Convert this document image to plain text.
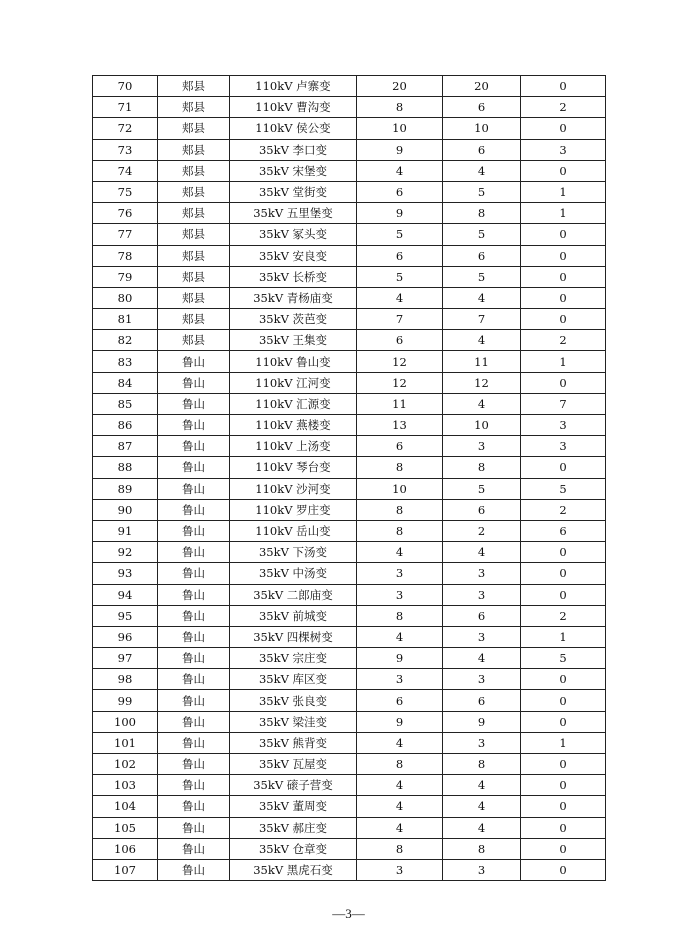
70	郏县	110kV 卢寨变	20	20	0
71	郏县	110kV 曹沟变	8	6	2
72	郏县	110kV 侯公变	10	10	0
73	郏县	35kV 李口变	9	6	3
74	郏县	35kV 宋堡变	4	4	0
75	郏县	35kV 堂街变	6	5	1
76	郏县	35kV 五里堡变	9	8	1
77	郏县	35kV 冢头变	5	5	0
78	郏县	35kV 安良变	6	6	0
79	郏县	35kV 长桥变	5	5	0
80	郏县	35kV 青杨庙变	4	4	0
81	郏县	35kV 茨芭变	7	7	0
82	郏县	35kV 王集变	6	4	2
83	鲁山	110kV 鲁山变	12	11	1
84	鲁山	110kV 江河变	12	12	0
85	鲁山	110kV 汇源变	11	4	7
86	鲁山	110kV 燕楼变	13	10	3
87	鲁山	110kV 上汤变	6	3	3
88	鲁山	110kV 琴台变	8	8	0
89	鲁山	110kV 沙河变	10	5	5
90	鲁山	110kV 罗庄变	8	6	2
91	鲁山	110kV 岳山变	8	2	6
92	鲁山	35kV 下汤变	4	4	0
93	鲁山	35kV 中汤变	3	3	0
94	鲁山	35kV 二郎庙变	3	3	0
95	鲁山	35kV 前城变	8	6	2
96	鲁山	35kV 四棵树变	4	3	1
97	鲁山	35kV 宗庄变	9	4	5
98	鲁山	35kV 库区变	3	3	0
99	鲁山	35kV 张良变	6	6	0
100	鲁山	35kV 梁洼变	9	9	0
101	鲁山	35kV 熊背变	4	3	1
102	鲁山	35kV 瓦屋变	8	8	0
103	鲁山	35kV 磙子营变	4	4	0
104	鲁山	35kV 董周变	4	4	0
105	鲁山	35kV 郝庄变	4	4	0
106	鲁山	35kV 仓章变	8	8	0
107	鲁山	35kV 黑虎石变	3	3	0
—3—
